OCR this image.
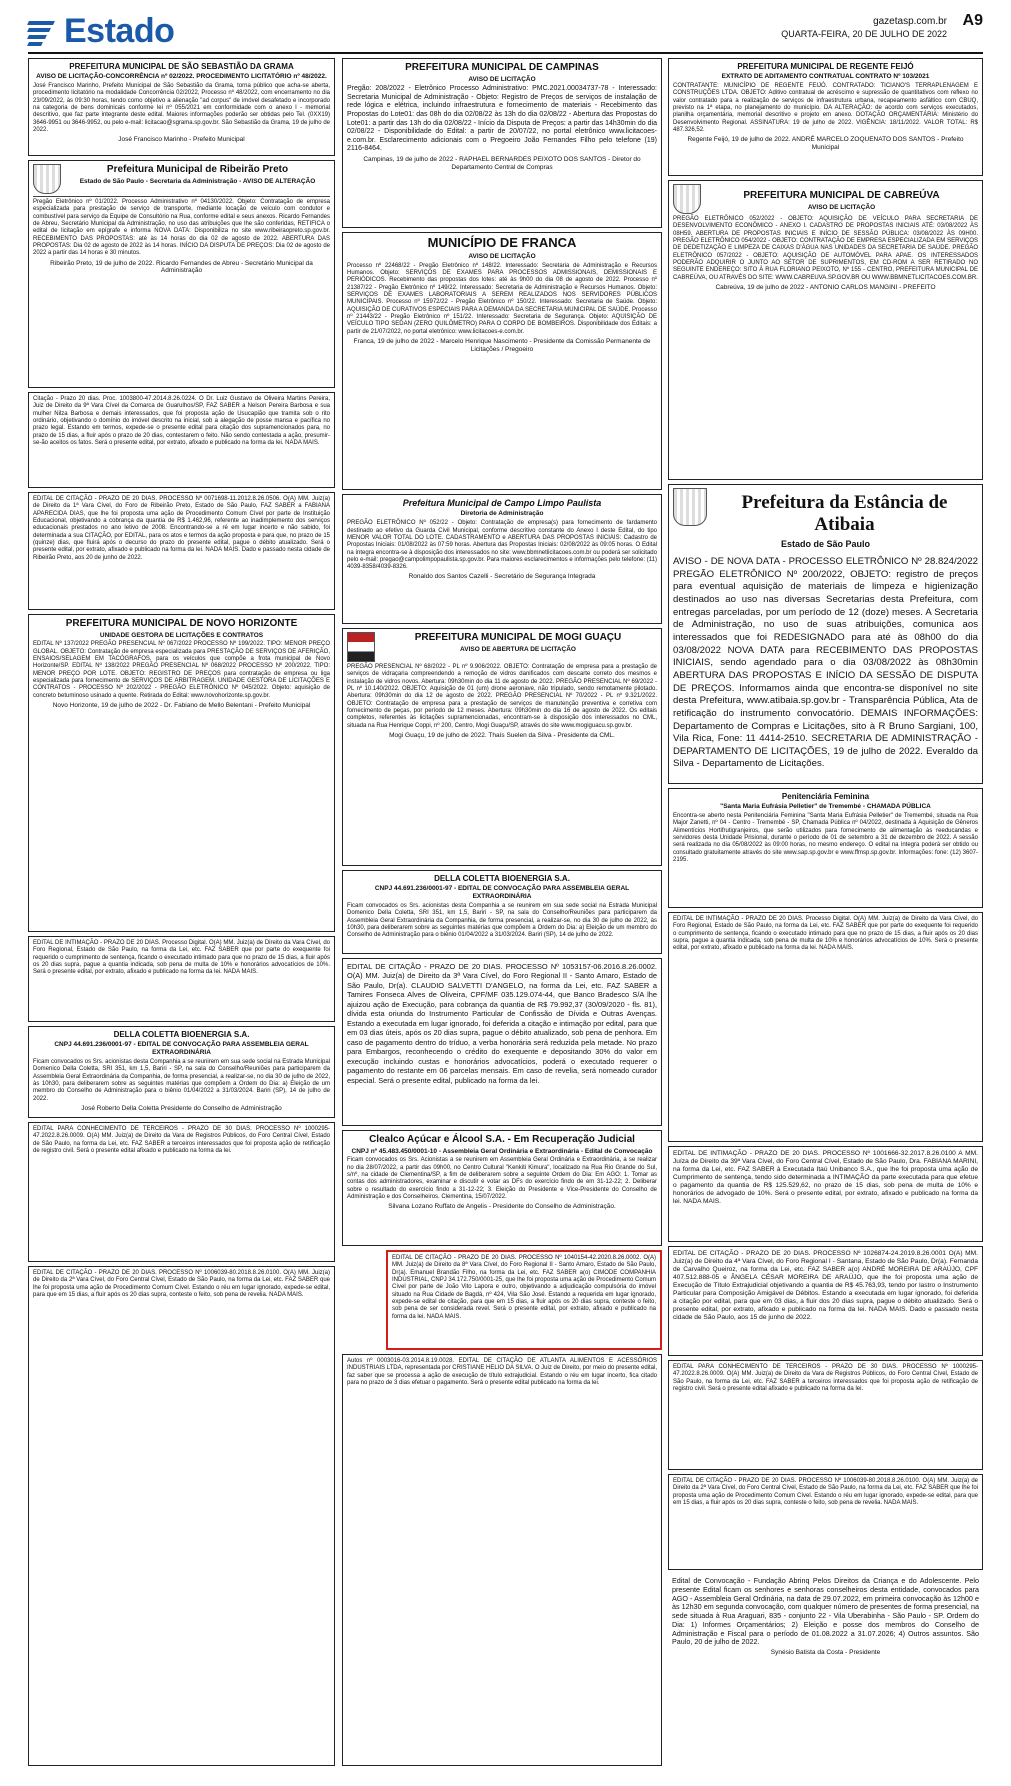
Estado	gazetasp.com.br
QUARTA-FEIRA, 20 DE JULHO DE 2022
A9
PREFEITURA MUNICIPAL DE SÃO SEBASTIÃO DA GRAMA
AVISO DE LICITAÇÃO-CONCORRÊNCIA nº 02/2022. PROCEDIMENTO LICITATÓRIO nº 48/2022.

José Francisco Marinho, Prefeito Municipal de São Sebastião da Grama, torna público que acha-se aberta, procedimento licitatório na modalidade Concorrência 02/2022, Processo nº 48/2022, com encerramento no dia 23/09/2022, às 09:30 horas, tendo como objetivo a alienação "ad corpus" de imóvel desafetado e incorporado na categoria de bens dominicais conforme lei nº 055/2021 em conformidade com o anexo I - memorial descritivo, que faz parte integrante deste edital. Maiores informações poderão ser obtidas pelo Tel. (0XX19) 3646-9951 ou 3646-9952, ou pelo e-mail: licitacao@sgrama.sp.gov.br. São Sebastião da Grama, 19 de julho de 2022.

José Francisco Marinho - Prefeito Municipal
Prefeitura Municipal de Ribeirão Preto
Estado de São Paulo - Secretaria da Administração - AVISO DE ALTERAÇÃO

Pregão Eletrônico nº 01/2022. Processo Administrativo nº 04130/2022. Objeto: Contratação de empresa especializada para prestação de serviço de transporte, mediante locação de veículo com condutor e combustível para serviço da Equipe de Consultório na Rua, conforme edital e seus anexos. Ricardo Fernandes de Abreu, Secretário Municipal da Administração, no uso das atribuições que lhe são conferidas, RETIFICA o edital de licitação em epígrafe e informa NOVA DATA: Disponibiliza no site www.ribeiraopreto.sp.gov.br. RECEBIMENTO DAS PROPOSTAS: até às 14 horas do dia 02 de agosto de 2022. ABERTURA DAS PROPOSTAS: Dia 02 de agosto de 2022 às 14 horas. INÍCIO DA DISPUTA DE PREÇOS: Dia 02 de agosto de 2022 a partir das 14 horas e 30 minutos.

Ribeirão Preto, 19 de julho de 2022. Ricardo Fernandes de Abreu - Secretário Municipal da Administração

Citação - Prazo 20 dias. Proc. 1003800-47.2014.8.26.0224. O Dr. Luiz Gustavo de Oliveira Martins Pereira, Juiz de Direito da 9ª Vara Cível da Comarca de Guarulhos/SP, FAZ SABER a Nelson Pereira Barbosa e sua mulher Nilza Barbosa e demais interessados, que foi proposta ação de Usucapião que tramita sob o rito ordinário, objetivando o domínio do imóvel descrito na inicial, sob a alegação de posse mansa e pacífica no prazo legal. Estando em termos, expede-se o presente edital para citação dos supramencionados para, no prazo de 15 dias, a fluir após o prazo de 20 dias, contestarem o feito. Não sendo contestada a ação, presumir-se-ão aceitos os fatos. Será o presente edital, por extrato, afixado e publicado na forma da lei. NADA MAIS.

EDITAL DE CITAÇÃO - PRAZO DE 20 DIAS. PROCESSO Nº 0071698-11.2012.8.26.0506. O(A) MM. Juiz(a) de Direito da 1ª Vara Cível, do Foro de Ribeirão Preto, Estado de São Paulo, FAZ SABER a FABIANA APARECIDA DIAS, que lhe foi proposta uma ação de Procedimento Comum Cível por parte de Instituição Educacional, objetivando a cobrança da quantia de R$ 1.462,96, referente ao inadimplemento dos serviços educacionais prestados no ano letivo de 2008. Encontrando-se a ré em lugar incerto e não sabido, foi determinada a sua CITAÇÃO, por EDITAL, para os atos e termos da ação proposta e para que, no prazo de 15 (quinze) dias, que fluirá após o decurso do prazo do presente edital, pague o débito atualizado. Será o presente edital, por extrato, afixado e publicado na forma da lei. NADA MAIS. Dado e passado nesta cidade de Ribeirão Preto, aos 20 de junho de 2022.

PREFEITURA MUNICIPAL DE NOVO HORIZONTE
UNIDADE GESTORA DE LICITAÇÕES E CONTRATOS

EDITAL Nº 137/2022 PREGÃO PRESENCIAL Nº 067/2022 PROCESSO Nº 199/2022. TIPO: MENOR PREÇO GLOBAL. OBJETO: Contratação de empresa especializada para PRESTAÇÃO DE SERVIÇOS DE AFERIÇÃO, ENSAIOS/SELAGEM EM TACÓGRAFOS, para os veículos que compõe a frota municipal de Novo Horizonte/SP. EDITAL Nº 138/2022 PREGÃO PRESENCIAL Nº 068/2022 PROCESSO Nº 200/2022. TIPO: MENOR PREÇO POR LOTE. OBJETO: REGISTRO DE PREÇOS para contratação de empresa ou liga especializada para fornecimento de SERVIÇOS DE ARBITRAGEM. UNIDADE GESTORA DE LICITAÇÕES E CONTRATOS - PROCESSO Nº 202/2022 - PREGÃO ELETRÔNICO Nº 045/2022. Objeto: aquisição de concreto betuminoso usinado a quente. Retirada do Edital: www.novohorizonte.sp.gov.br.

Novo Horizonte, 19 de julho de 2022 - Dr. Fabiano de Mello Belentani - Prefeito Municipal

EDITAL DE INTIMAÇÃO - PRAZO DE 20 DIAS. Processo Digital. O(A) MM. Juiz(a) de Direito da Vara Cível, do Foro Regional, Estado de São Paulo, na forma da Lei, etc. FAZ SABER que por parte do exequente foi requerido o cumprimento de sentença, ficando o executado intimado para que no prazo de 15 dias, a fluir após os 20 dias supra, pague a quantia indicada, sob pena de multa de 10% e honorários advocatícios de 10%. Será o presente edital, por extrato, afixado e publicado na forma da lei. NADA MAIS.

DELLA COLETTA BIOENERGIA S.A.
CNPJ 44.691.236/0001-97 - EDITAL DE CONVOCAÇÃO PARA ASSEMBLEIA GERAL EXTRAORDINÁRIA

Ficam convocados os Srs. acionistas desta Companhia a se reunirem em sua sede social na Estrada Municipal Domenico Della Coletta, SRI 351, km 1,5, Bariri - SP, na sala do Conselho/Reuniões para participarem da Assembleia Geral Extraordinária da Companhia, de forma presencial, a realizar-se, no dia 30 de julho de 2022, às 10h30, para deliberarem sobre as seguintes matérias que compõem a Ordem do Dia: a) Eleição de um membro do Conselho de Administração para o biênio 01/04/2022 a 31/03/2024. Bariri (SP), 14 de julho de 2022.

José Roberto Della Coletta Presidente do Conselho de Administração

EDITAL PARA CONHECIMENTO DE TERCEIROS - PRAZO DE 30 DIAS. PROCESSO Nº 1000295-47.2022.8.26.0009. O(A) MM. Juiz(a) de Direito da Vara de Registros Públicos, do Foro Central Cível, Estado de São Paulo, na forma da Lei, etc. FAZ SABER a terceiros interessados que foi proposta ação de retificação de registro civil. Será o presente edital afixado e publicado na forma da lei.

EDITAL DE CITAÇÃO - PRAZO DE 20 DIAS. PROCESSO Nº 1006039-80.2018.8.26.0100. O(A) MM. Juiz(a) de Direito da 2ª Vara Cível, do Foro Central Cível, Estado de São Paulo, na forma da Lei, etc. FAZ SABER que lhe foi proposta uma ação de Procedimento Comum Cível. Estando o réu em lugar ignorado, expede-se edital, para que em 15 dias, a fluir após os 20 dias supra, conteste o feito, sob pena de revelia. NADA MAIS.

PREFEITURA MUNICIPAL DE CAMPINAS
AVISO DE LICITAÇÃO

Pregão: 208/2022 - Eletrônico Processo Administrativo: PMC.2021.00034737-78 - Interessado: Secretaria Municipal de Administração - Objeto: Registro de Preços de serviços de instalação de rede lógica e elétrica, incluindo infraestrutura e fornecimento de materiais - Recebimento das Propostas do Lote01: das 08h do dia 02/08/22 às 13h do dia 02/08/22 - Abertura das Propostas do Lote01: a partir das 13h do dia 02/08/22 - Início da Disputa de Preços: a partir das 14h30min do dia 02/08/22 - Disponibilidade do Edital: a partir de 20/07/22, no portal eletrônico www.licitacoes-e.com.br. Esclarecimento adicionais com o Pregoeiro João Fernandes Filho pelo telefone (19) 2116-8464.

Campinas, 19 de julho de 2022 - RAPHAEL BERNARDES PEIXOTO DOS SANTOS - Diretor do Departamento Central de Compras
MUNICÍPIO DE FRANCA
AVISO DE LICITAÇÃO

Processo nº 22468/22 - Pregão Eletrônico nº 148/22. Interessado: Secretaria de Administração e Recursos Humanos. Objeto: SERVIÇOS DE EXAMES PARA PROCESSOS ADMISSIONAIS, DEMISSIONAIS E PERIÓDICOS. Recebimento das propostas dos lotes: até às 9h00 do dia 08 de agosto de 2022. Processo nº 21387/22 - Pregão Eletrônico nº 149/22. Interessado: Secretaria de Administração e Recursos Humanos. Objeto: SERVIÇOS DE EXAMES LABORATORIAIS A SEREM REALIZADOS NOS SERVIDORES PÚBLICOS MUNICIPAIS. Processo nº 15972/22 - Pregão Eletrônico nº 150/22. Interessado: Secretaria de Saúde. Objeto: AQUISIÇÃO DE CURATIVOS ESPECIAIS PARA A DEMANDA DA SECRETARIA MUNICIPAL DE SAÚDE. Processo nº 21443/22 - Pregão Eletrônico nº 151/22. Interessado: Secretaria de Segurança. Objeto: AQUISIÇÃO DE VEÍCULO TIPO SEDAN (ZERO QUILÔMETRO) PARA O CORPO DE BOMBEIROS. Disponibilidade dos Editais: a partir de 21/07/2022, no portal eletrônico: www.licitacoes-e.com.br.

Franca, 19 de julho de 2022 - Marcelo Henrique Nascimento - Presidente da Comissão Permanente de Licitações / Pregoeiro
Prefeitura Municipal de Campo Limpo Paulista
Diretoria de Administração

PREGÃO ELETRÔNICO Nº 052/22 - Objeto: Contratação de empresa(s) para fornecimento de fardamento destinado ao efetivo da Guarda Civil Municipal, conforme descritivo constante do Anexo I deste Edital, do tipo MENOR VALOR TOTAL DO LOTE. CADASTRAMENTO e ABERTURA DAS PROPOSTAS INICIAIS: Cadastro de Propostas Iniciais: 01/08/2022 às 07:59 horas. Abertura das Propostas Iniciais: 02/08/2022 às 09:05 horas. O Edital na íntegra encontra-se à disposição dos interessados no site: www.bbmnetlicitacoes.com.br ou poderá ser solicitado pelo e-mail: pregao@campolimpopaulista.sp.gov.br. Para maiores esclarecimentos e informações pelo telefone: (11) 4039-8358/4039-8326.

Ronaldo dos Santos Cazelli - Secretário de Segurança Integrada
PREFEITURA MUNICIPAL DE MOGI GUAÇU
AVISO DE ABERTURA DE LICITAÇÃO

PREGÃO PRESENCIAL Nº 68/2022 - PL nº 9.906/2022. OBJETO: Contratação de empresa para a prestação de serviços de vidraçaria compreendendo a remoção de vidros danificados com descarte correto dos mesmos e instalação de vidros novos. Abertura: 09h30min do dia 11 de agosto de 2022. PREGÃO PRESENCIAL Nº 69/2022 - PL nº 10.140/2022. OBJETO: Aquisição de 01 (um) drone aeronave, não tripulado, sendo remotamente pilotado. Abertura: 09h30min do dia 12 de agosto de 2022. PREGÃO PRESENCIAL Nº 70/2022 - PL nº 9.321/2022. OBJETO: Contratação de empresa para a prestação de serviços de manutenção preventiva e corretiva com fornecimento de peças, por período de 12 meses. Abertura: 09h30min do dia 16 de agosto de 2022. Os editais completos, referentes às licitações supramencionadas, encontram-se à disposição dos interessados no CML, situada na Rua Henrique Coppi, nº 200, Centro, Mogi Guaçu/SP, através do site www.mogiguacu.sp.gov.br.

Mogi Guaçu, 19 de julho de 2022. Thaís Suelen da Silva - Presidente da CML.
DELLA COLETTA BIOENERGIA S.A.
CNPJ 44.691.236/0001-97 - EDITAL DE CONVOCAÇÃO PARA ASSEMBLEIA GERAL EXTRAORDINÁRIA

Ficam convocados os Srs. acionistas desta Companhia a se reunirem em sua sede social na Estrada Municipal Domenico Della Coletta, SRI 351, km 1,5, Bariri - SP, na sala do Conselho/Reuniões para participarem da Assembleia Geral Extraordinária da Companhia, de forma presencial, a realizar-se, no dia 30 de julho de 2022, às 10h30, para deliberarem sobre as seguintes matérias que compõem a Ordem do Dia: a) Eleição de um membro do Conselho de Administração para o biênio 01/04/2022 a 31/03/2024. Bariri (SP), 14 de julho de 2022.

EDITAL DE CITAÇÃO - PRAZO DE 20 DIAS. PROCESSO Nº 1053157-06.2016.8.26.0002. O(A) MM. Juiz(a) de Direito da 3ª Vara Cível, do Foro Regional II - Santo Amaro, Estado de São Paulo, Dr(a). CLAUDIO SALVETTI D'ANGELO, na forma da Lei, etc. FAZ SABER a Tamires Fonseca Alves de Oliveira, CPF/MF 035.129.074-44, que Banco Bradesco S/A lhe ajuizou ação de Execução, para cobrança da quantia de R$ 79.992,37 (30/09/2020 - fls. 81), dívida esta oriunda do Instrumento Particular de Confissão de Dívida e Outras Avenças. Estando a executada em lugar ignorado, foi deferida a citação e intimação por edital, para que em 03 dias úteis, após os 20 dias supra, pague o débito atualizado, sob pena de penhora. Em caso de pagamento dentro do tríduo, a verba honorária será reduzida pela metade. No prazo para Embargos, reconhecendo o crédito do exequente e depositando 30% do valor em execução incluindo custas e honorários advocatícios, poderá o executado requerer o pagamento do restante em 06 parcelas mensais. Em caso de revelia, será nomeado curador especial. Será o presente edital, publicado na forma da lei.

Clealco Açúcar e Álcool S.A. - Em Recuperação Judicial
CNPJ nº 45.483.450/0001-10 - Assembleia Geral Ordinária e Extraordinária - Edital de Convocação

Ficam convocados os Srs. Acionistas a se reunirem em Assembleia Geral Ordinária e Extraordinária, a se realizar no dia 28/07/2022, a partir das 09h00, no Centro Cultural "Kenkiti Kimura", localizado na Rua Rio Grande do Sul, s/nº, na cidade de Clementina/SP, a fim de deliberarem sobre a seguinte Ordem do Dia: Em AGO: 1. Tomar as contas dos administradores, examinar e discutir e votar as DFs do exercício findo de em 31-12-22; 2. Deliberar sobre o resultado do exercício findo a 31-12-22; 3. Eleição do Presidente e Vice-Presidente do Conselho de Administração e dos Conselheiros. Clementina, 15/07/2022.

Silvana Lozano Ruffato de Angelis - Presidente do Conselho de Administração.

EDITAL DE CITAÇÃO - PRAZO DE 20 DIAS. PROCESSO Nº 1040154-42.2020.8.26.0002. O(A) MM. Juiz(a) de Direito da 8ª Vara Cível, do Foro Regional II - Santo Amaro, Estado de São Paulo, Dr(a). Emanuel Brandão Filho, na forma da Lei, etc. FAZ SABER a(o) CIMODE COMPANHIA INDUSTRIAL, CNPJ 34.172.750/0001-25, que lhe foi proposta uma ação de Procedimento Comum Cível por parte de João Vito Lapora e outro, objetivando a adjudicação compulsória do imóvel situado na Rua Cidade de Bagdá, nº 424, Vila São José. Estando a requerida em lugar ignorado, expede-se edital de citação, para que em 15 dias, a fluir após os 20 dias supra, conteste o feito, sob pena de ser considerada revel. Será o presente edital, por extrato, afixado e publicado na forma da lei. NADA MAIS.

Autos nº 0003016-03.2014.8.19.0028. EDITAL DE CITAÇÃO DE ATLANTA ALIMENTOS E ACESSÓRIOS INDUSTRIAIS LTDA, representada por CRISTIANE HELIO DA SILVA. O Juiz de Direito, por meio do presente edital, faz saber que se processa a ação de execução de título extrajudicial. Estando o réu em lugar incerto, fica citado para no prazo de 3 dias efetuar o pagamento. Será o presente edital publicado na forma da lei.

PREFEITURA MUNICIPAL DE REGENTE FEIJÓ
EXTRATO DE ADITAMENTO CONTRATUAL CONTRATO Nº 103/2021

CONTRATANTE: MUNICÍPIO DE REGENTE FEIJÓ. CONTRATADO: TICIANO'S TERRAPLENAGEM E CONSTRUÇÕES LTDA. OBJETO: Aditivo contratual de acréscimo e supressão de quantitativos com reflexo no valor contratado para a realização de serviços de infraestrutura urbana, recapeamento asfáltico com CBUQ, previsto na 1ª etapa, no planejamento do município. DA ALTERAÇÃO: de acordo com serviços executados, planilha orçamentária, memorial descritivo e projeto em anexo. DOTAÇÃO ORÇAMENTÁRIA: Ministério do Desenvolvimento Regional. ASSINATURA: 19 de julho de 2022. VIGÊNCIA: 18/11/2022. VALOR TOTAL: R$ 487.326,52.

Regente Feijó, 19 de julho de 2022. ANDRÉ MARCELO ZOQUENATO DOS SANTOS - Prefeito Municipal
PREFEITURA MUNICIPAL DE CABREÚVA
AVISO DE LICITAÇÃO

PREGÃO ELETRÔNICO 052/2022 - OBJETO: AQUISIÇÃO DE VEÍCULO PARA SECRETARIA DE DESENVOLVIMENTO ECONÔMICO - ANEXO I. CADASTRO DE PROPOSTAS INICIAIS ATÉ: 03/08/2022 ÀS 08H59. ABERTURA DE PROPOSTAS INICIAIS E INÍCIO DE SESSÃO PÚBLICA: 03/08/2022 ÀS 09H00. PREGÃO ELETRÔNICO 054/2022 - OBJETO: CONTRATAÇÃO DE EMPRESA ESPECIALIZADA EM SERVIÇOS DE DEDETIZAÇÃO E LIMPEZA DE CAIXAS D'ÁGUA NAS UNIDADES DA SECRETARIA DE SAÚDE. PREGÃO ELETRÔNICO 057/2022 - OBJETO: AQUISIÇÃO DE AUTOMÓVEL PARA APAE. OS INTERESSADOS PODERÃO ADQUIRIR O JUNTO AO SETOR DE SUPRIMENTOS, EM CD-ROM A SER RETIRADO NO SEGUINTE ENDEREÇO: SITO À RUA FLORIANO PEIXOTO, Nº 155 - CENTRO, PREFEITURA MUNICIPAL DE CABREÚVA, OU ATRAVÉS DO SITE: WWW.CABREUVA.SP.GOV.BR OU WWW.BBMNETLICITACOES.COM.BR.

Cabreúva, 19 de julho de 2022 - ANTONIO CARLOS MANGINI - PREFEITO
Prefeitura da Estância de Atibaia
Estado de São Paulo

AVISO - DE NOVA DATA - PROCESSO ELETRÔNICO Nº 28.824/2022 PREGÃO ELETRÔNICO Nº 200/2022, OBJETO: registro de preços para eventual aquisição de materiais de limpeza e higienização destinados ao uso nas diversas Secretarias desta Prefeitura, com entregas parceladas, por um período de 12 (doze) meses. A Secretaria de Administração, no uso de suas atribuições, comunica aos interessados que foi REDESIGNADO para até às 08h00 do dia 03/08/2022 NOVA DATA para RECEBIMENTO DAS PROPOSTAS INICIAIS, sendo agendado para o dia 03/08/2022 às 08h30min ABERTURA DAS PROPOSTAS E INÍCIO DA SESSÃO DE DISPUTA DE PREÇOS. Informamos ainda que encontra-se disponível no site desta Prefeitura, www.atibaia.sp.gov.br - Transparência Pública, Ata de retificação do instrumento convocatório. DEMAIS INFORMAÇÕES: Departamento de Compras e Licitações, sito à R Bruno Sargiani, 100, Vila Rica, Fone: 11 4414-2510. SECRETARIA DE ADMINISTRAÇÃO - DEPARTAMENTO DE LICITAÇÕES, 19 de julho de 2022. Everaldo da Silva - Departamento de Licitações.

Penitenciária Feminina
"Santa Maria Eufrásia Pelletier" de Tremembé - CHAMADA PÚBLICA

Encontra-se aberto nesta Penitenciária Feminina "Santa Maria Eufrásia Pelletier" de Tremembé, situada na Rua Major Zanetti, nº 04 - Centro - Tremembé - SP, Chamada Pública nº 04/2022, destinada à Aquisição de Gêneros Alimentícios Hortifrutigranjeiros, que serão utilizados para fornecimento de alimentação às reeducandas e servidores desta Unidade Prisional, durante o período de 01 de setembro a 31 de dezembro de 2022. A sessão será realizada no dia 05/08/2022 às 09:00 horas, no mesmo endereço. O edital na íntegra poderá ser obtido ou consultado gratuitamente através do site www.sap.sp.gov.br e www.ffmsp.sp.gov.br. Informações: fone: (12) 3607-2195.

EDITAL DE INTIMAÇÃO - PRAZO DE 20 DIAS. Processo Digital. O(A) MM. Juiz(a) de Direito da Vara Cível, do Foro Regional, Estado de São Paulo, na forma da Lei, etc. FAZ SABER que por parte do exequente foi requerido o cumprimento de sentença, ficando o executado intimado para que no prazo de 15 dias, a fluir após os 20 dias supra, pague a quantia indicada, sob pena de multa de 10% e honorários advocatícios de 10%. Será o presente edital, por extrato, afixado e publicado na forma da lei. NADA MAIS.

EDITAL DE INTIMAÇÃO - PRAZO DE 20 DIAS. PROCESSO Nº 1001666-32.2017.8.26.0100 A MM. Juíza de Direito da 39ª Vara Cível, do Foro Central Cível, Estado de São Paulo, Dra. FABIANA MARINI, na forma da Lei, etc. FAZ SABER à Executada Itaú Unibanco S.A., que lhe foi proposta uma ação de Cumprimento de sentença, tendo sido determinada a INTIMAÇÃO da parte executada para que efetue o pagamento da quantia de R$ 125.529,62, no prazo de 15 dias, sob pena de multa de 10% e honorários de advogado de 10%. Será o presente edital, por extrato, afixado e publicado na forma da lei. NADA MAIS.

EDITAL DE CITAÇÃO - PRAZO DE 20 DIAS. PROCESSO Nº 1026874-24.2019.8.26.0001 O(A) MM. Juiz(a) de Direito da 4ª Vara Cível, do Foro Regional I - Santana, Estado de São Paulo, Dr(a). Fernanda de Carvalho Queiroz, na forma da Lei, etc. FAZ SABER a(o) ANDRÉ MOREIRA DE ARAÚJO, CPF 407.512.888-05 e ÂNGELA CÉSAR MOREIRA DE ARAÚJO, que lhe foi proposta uma ação de Execução de Título Extrajudicial objetivando a quantia de R$ 45.763,93, tendo por lastro o Instrumento Particular para Composição Amigável de Débitos. Estando a executada em lugar ignorado, foi deferida a citação por edital, para que em 03 dias, a fluir dos 20 dias supra, pague o débito atualizado. Será o presente edital, por extrato, afixado e publicado na forma da lei. NADA MAIS. Dado e passado nesta cidade de São Paulo, aos 15 de junho de 2022.

EDITAL PARA CONHECIMENTO DE TERCEIROS - PRAZO DE 30 DIAS. PROCESSO Nº 1000295-47.2022.8.26.0009. O(A) MM. Juiz(a) de Direito da Vara de Registros Públicos, do Foro Central Cível, Estado de São Paulo, na forma da Lei, etc. FAZ SABER a terceiros interessados que foi proposta ação de retificação de registro civil. Será o presente edital afixado e publicado na forma da lei.

EDITAL DE CITAÇÃO - PRAZO DE 20 DIAS. PROCESSO Nº 1006039-80.2018.8.26.0100. O(A) MM. Juiz(a) de Direito da 2ª Vara Cível, do Foro Central Cível, Estado de São Paulo, na forma da Lei, etc. FAZ SABER que lhe foi proposta uma ação de Procedimento Comum Cível. Estando o réu em lugar ignorado, expede-se edital, para que em 15 dias, a fluir após os 20 dias supra, conteste o feito, sob pena de revelia. NADA MAIS.

Edital de Convocação - Fundação Abrinq Pelos Direitos da Criança e do Adolescente. Pelo presente Edital ficam os senhores e senhoras conselheiros desta entidade, convocados para AGO - Assembleia Geral Ordinária, na data de 29.07.2022, em primeira convocação às 12h00 e às 12h30 em segunda convocação, com qualquer número de presentes de forma presencial, na sede situada à Rua Araguari, 835 - conjunto 22 - Vila Uberabinha - São Paulo - SP. Ordem do Dia: 1) Informes Orçamentários; 2) Eleição e posse dos membros do Conselho de Administração e Fiscal para o período de 01.08.2022 a 31.07.2026; 4) Outros assuntos. São Paulo, 20 de julho de 2022.

Synésio Batista da Costa - Presidente
